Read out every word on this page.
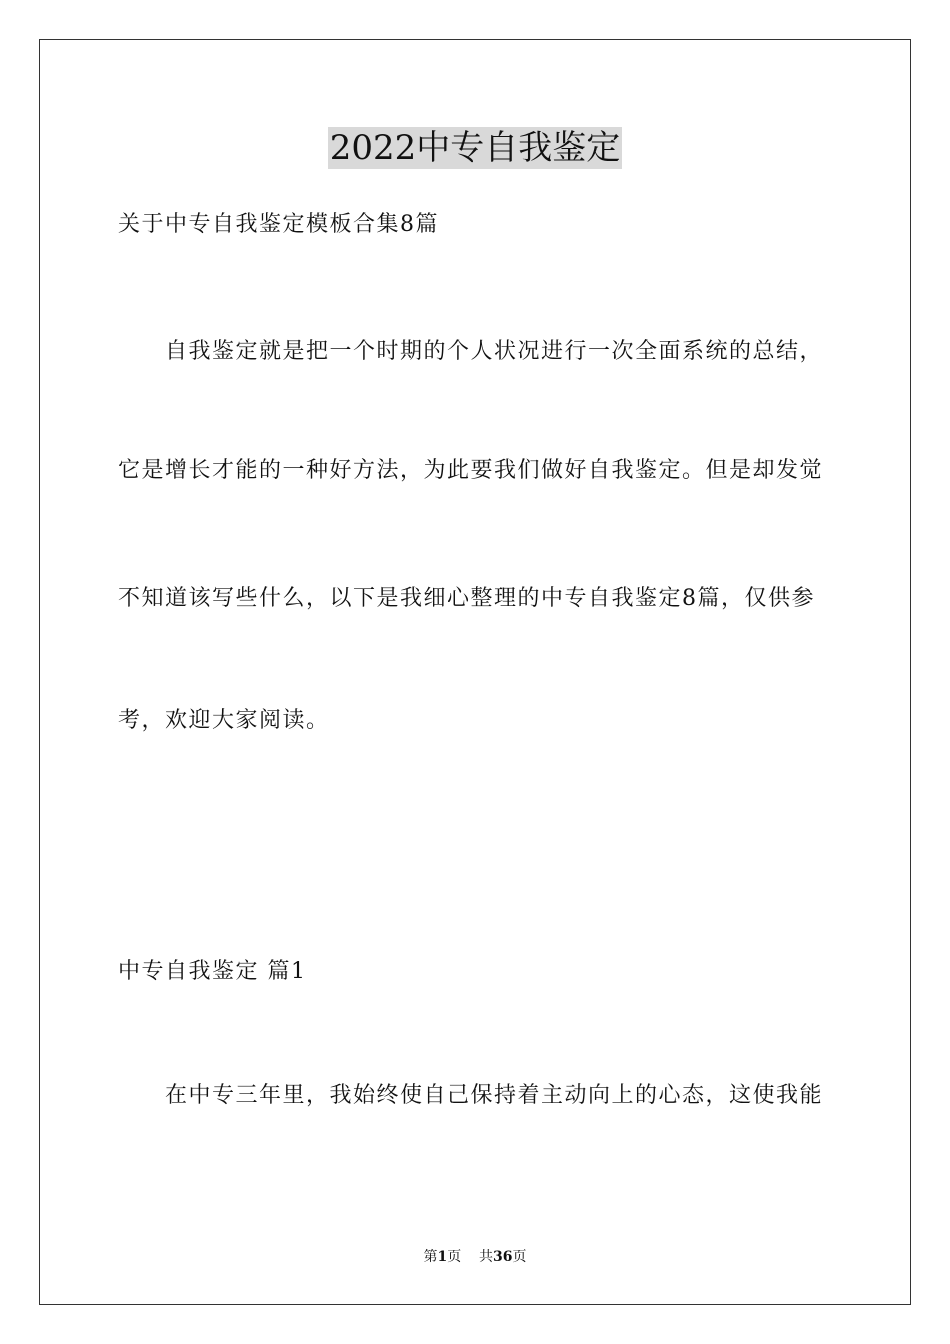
2022中专自我鉴定
关于中专自我鉴定模板合集8篇
自我鉴定就是把一个时期的个人状况进行一次全面系统的总结，
它是增长才能的一种好方法，为此要我们做好自我鉴定。但是却发觉
不知道该写些什么，以下是我细心整理的中专自我鉴定8篇，仅供参
考，欢迎大家阅读。
中专自我鉴定 篇1
在中专三年里，我始终使自己保持着主动向上的心态，这使我能
第1页 共36页
